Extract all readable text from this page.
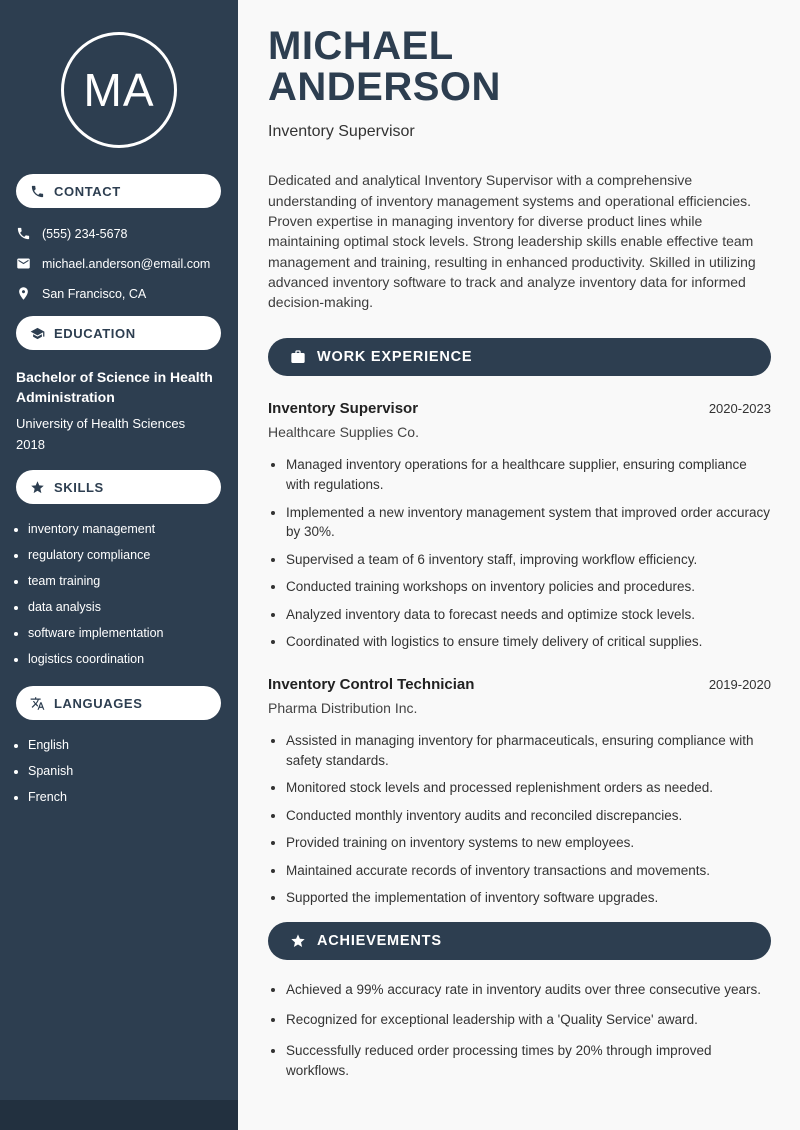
MA
CONTACT
(555) 234-5678
michael.anderson@email.com
San Francisco, CA
EDUCATION
Bachelor of Science in Health Administration
University of Health Sciences
2018
SKILLS
• inventory management
• regulatory compliance
• team training
• data analysis
• software implementation
• logistics coordination
LANGUAGES
• English
• Spanish
• French
MICHAEL
ANDERSON
Inventory Supervisor

Dedicated and analytical Inventory Supervisor with a comprehensive understanding of inventory management systems and operational efficiencies. Proven expertise in managing inventory for diverse product lines while maintaining optimal stock levels. Strong leadership skills enable effective team management and training, resulting in enhanced productivity. Skilled in utilizing advanced inventory software to track and analyze inventory data for informed decision-making.

WORK EXPERIENCE
Inventory Supervisor	2020-2023
Healthcare Supplies Co.
• Managed inventory operations for a healthcare supplier, ensuring compliance with regulations.
• Implemented a new inventory management system that improved order accuracy by 30%.
• Supervised a team of 6 inventory staff, improving workflow efficiency.
• Conducted training workshops on inventory policies and procedures.
• Analyzed inventory data to forecast needs and optimize stock levels.
• Coordinated with logistics to ensure timely delivery of critical supplies.
Inventory Control Technician	2019-2020
Pharma Distribution Inc.
• Assisted in managing inventory for pharmaceuticals, ensuring compliance with safety standards.
• Monitored stock levels and processed replenishment orders as needed.
• Conducted monthly inventory audits and reconciled discrepancies.
• Provided training on inventory systems to new employees.
• Maintained accurate records of inventory transactions and movements.
• Supported the implementation of inventory software upgrades.
ACHIEVEMENTS
• Achieved a 99% accuracy rate in inventory audits over three consecutive years.
• Recognized for exceptional leadership with a 'Quality Service' award.
• Successfully reduced order processing times by 20% through improved workflows.
